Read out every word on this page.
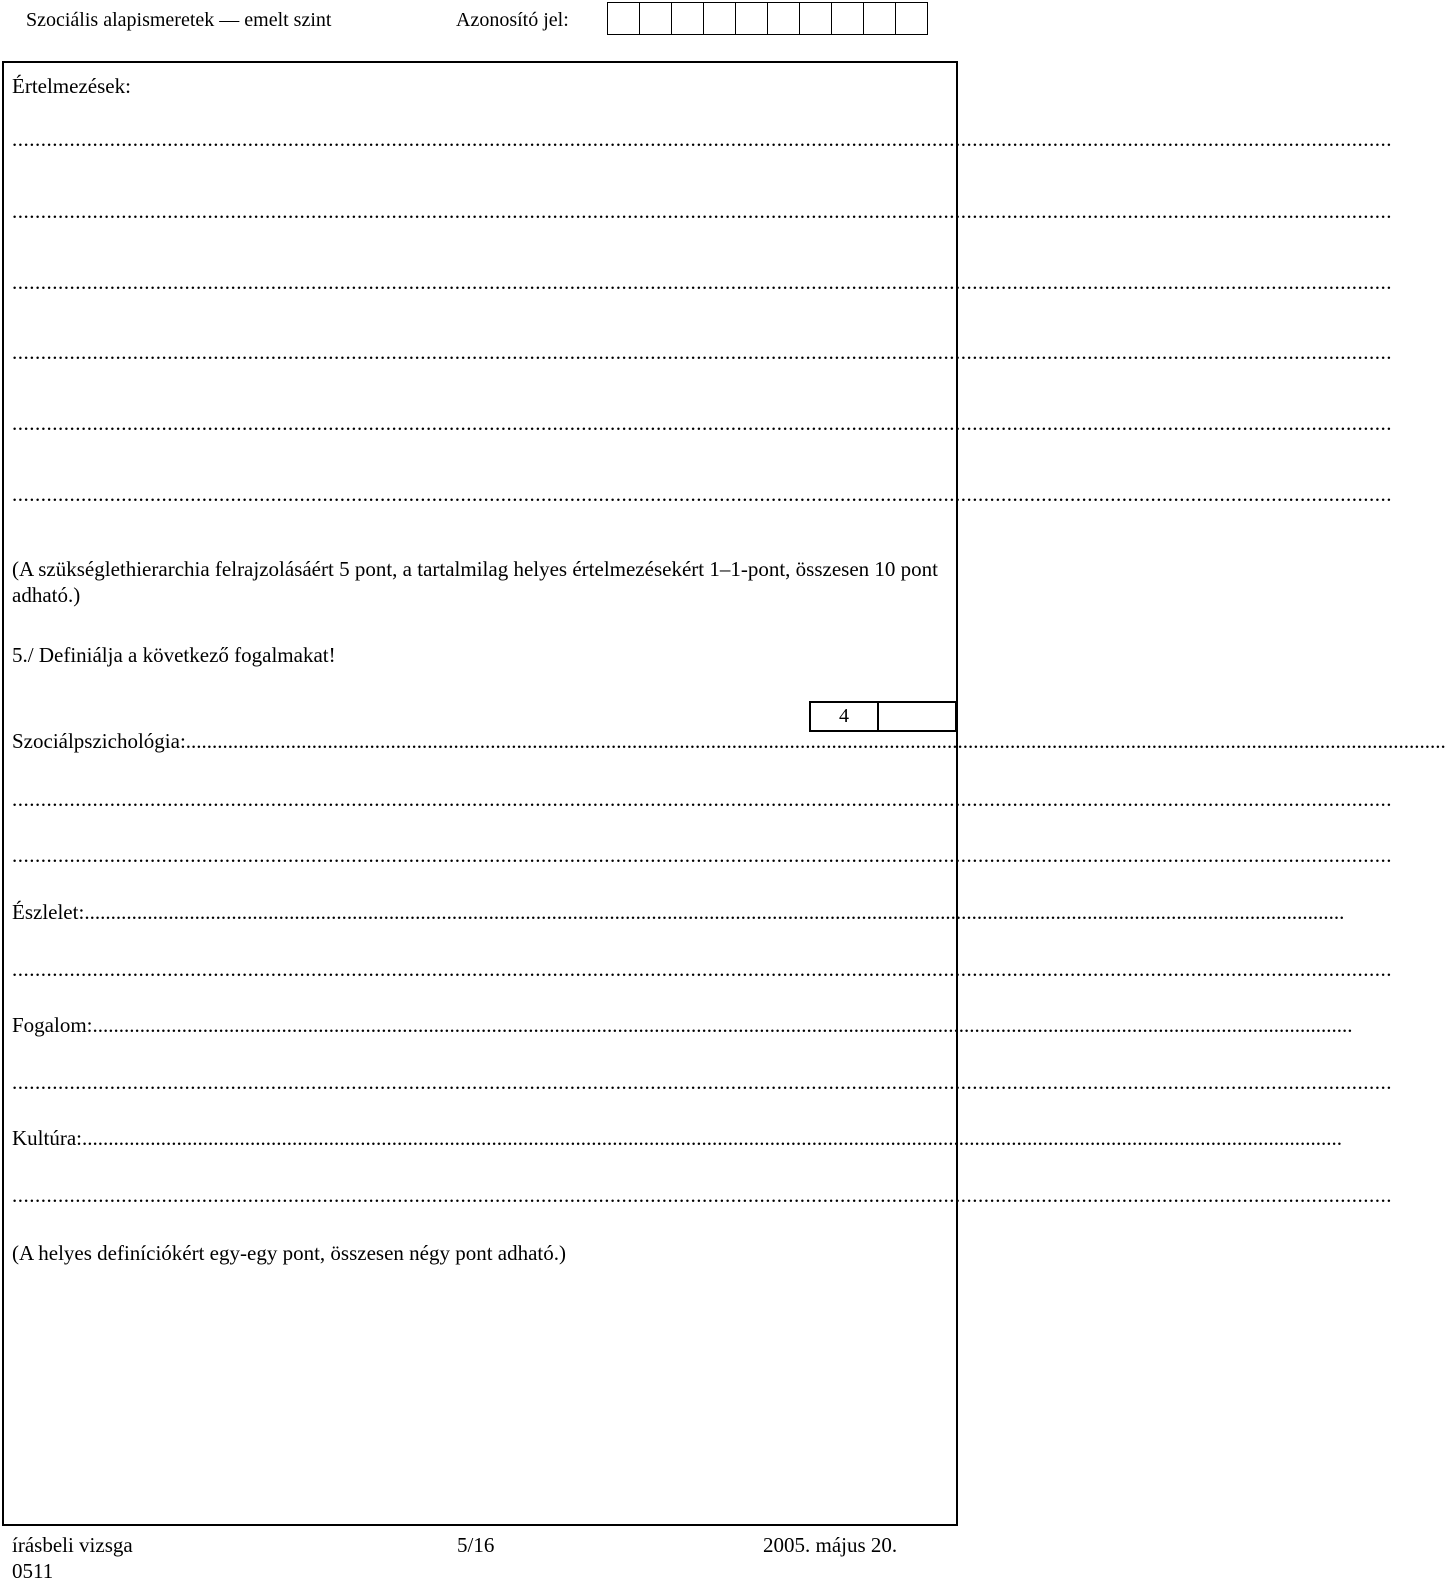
Szociális alapismeretek — emelt szint	Azonosító jel:
Értelmezések:
................................................................................................................................................................................................................................................
................................................................................................................................................................................................................................................
................................................................................................................................................................................................................................................
................................................................................................................................................................................................................................................
................................................................................................................................................................................................................................................
................................................................................................................................................................................................................................................
(A szükséglethierarchia felrajzolásáért 5 pont, a tartalmilag helyes értelmezésekért 1–1-pont, összesen 10 pont adható.)
5./ Definiálja a következő fogalmakat!
4
Szociálpszichológia:................................................................................................................................................................................................................................................
................................................................................................................................................................................................................................................
................................................................................................................................................................................................................................................
Észlelet:................................................................................................................................................................................................................................................
................................................................................................................................................................................................................................................
Fogalom:................................................................................................................................................................................................................................................
................................................................................................................................................................................................................................................
Kultúra:................................................................................................................................................................................................................................................
................................................................................................................................................................................................................................................
(A helyes definíciókért egy-egy pont, összesen négy pont adható.)
írásbeli vizsga
0511
5/16	2005. május 20.
